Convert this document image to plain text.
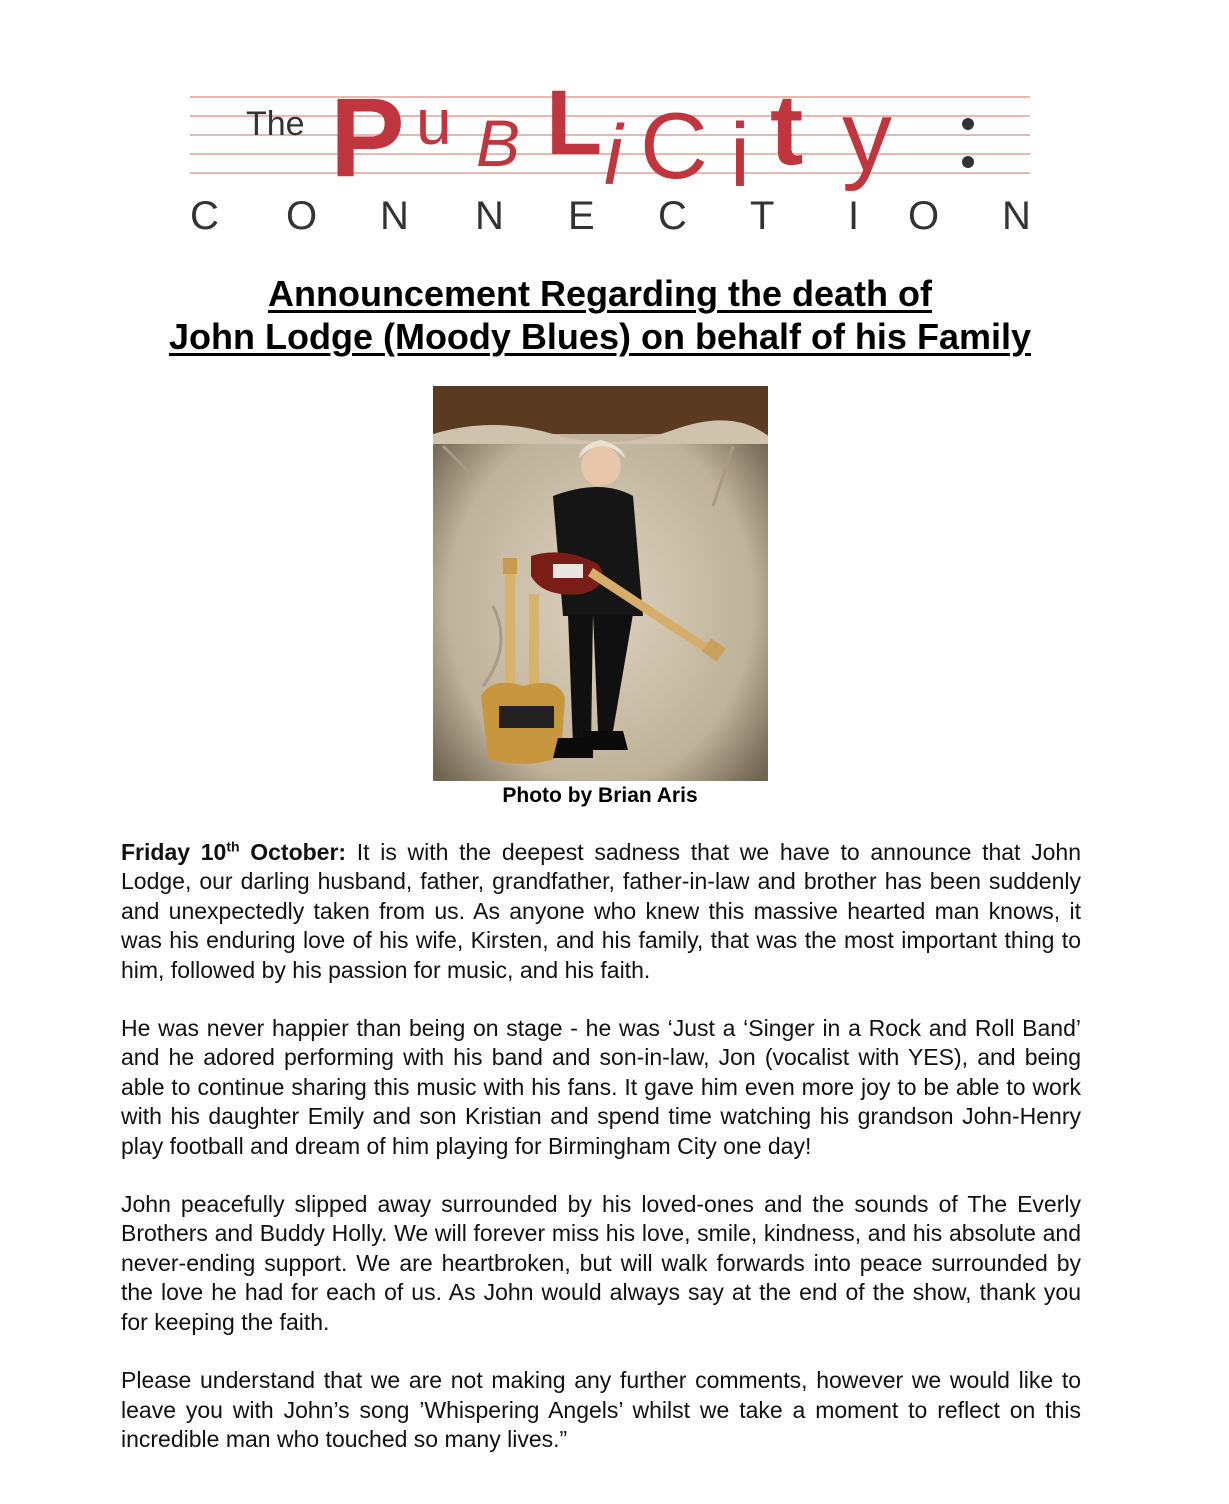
The P u B L i C i t y
C O N N E C T I O N
Announcement Regarding the death of
John Lodge (Moody Blues) on behalf of his Family
Photo by Brian Aris

Friday 10th October: It is with the deepest sadness that we have to announce that John Lodge, our darling husband, father, grandfather, father-in-law and brother has been suddenly and unexpectedly taken from us. As anyone who knew this massive hearted man knows, it was his enduring love of his wife, Kirsten, and his family, that was the most important thing to him, followed by his passion for music, and his faith.

He was never happier than being on stage - he was ‘Just a ‘Singer in a Rock and Roll Band’ and he adored performing with his band and son-in-law, Jon (vocalist with YES), and being able to continue sharing this music with his fans. It gave him even more joy to be able to work with his daughter Emily and son Kristian and spend time watching his grandson John-Henry play football and dream of him playing for Birmingham City one day!

John peacefully slipped away surrounded by his loved-ones and the sounds of The Everly Brothers and Buddy Holly. We will forever miss his love, smile, kindness, and his absolute and never-ending support. We are heartbroken, but will walk forwards into peace surrounded by the love he had for each of us. As John would always say at the end of the show, thank you for keeping the faith.

Please understand that we are not making any further comments, however we would like to leave you with John’s song ’Whispering Angels’ whilst we take a moment to reflect on this incredible man who touched so many lives.”
